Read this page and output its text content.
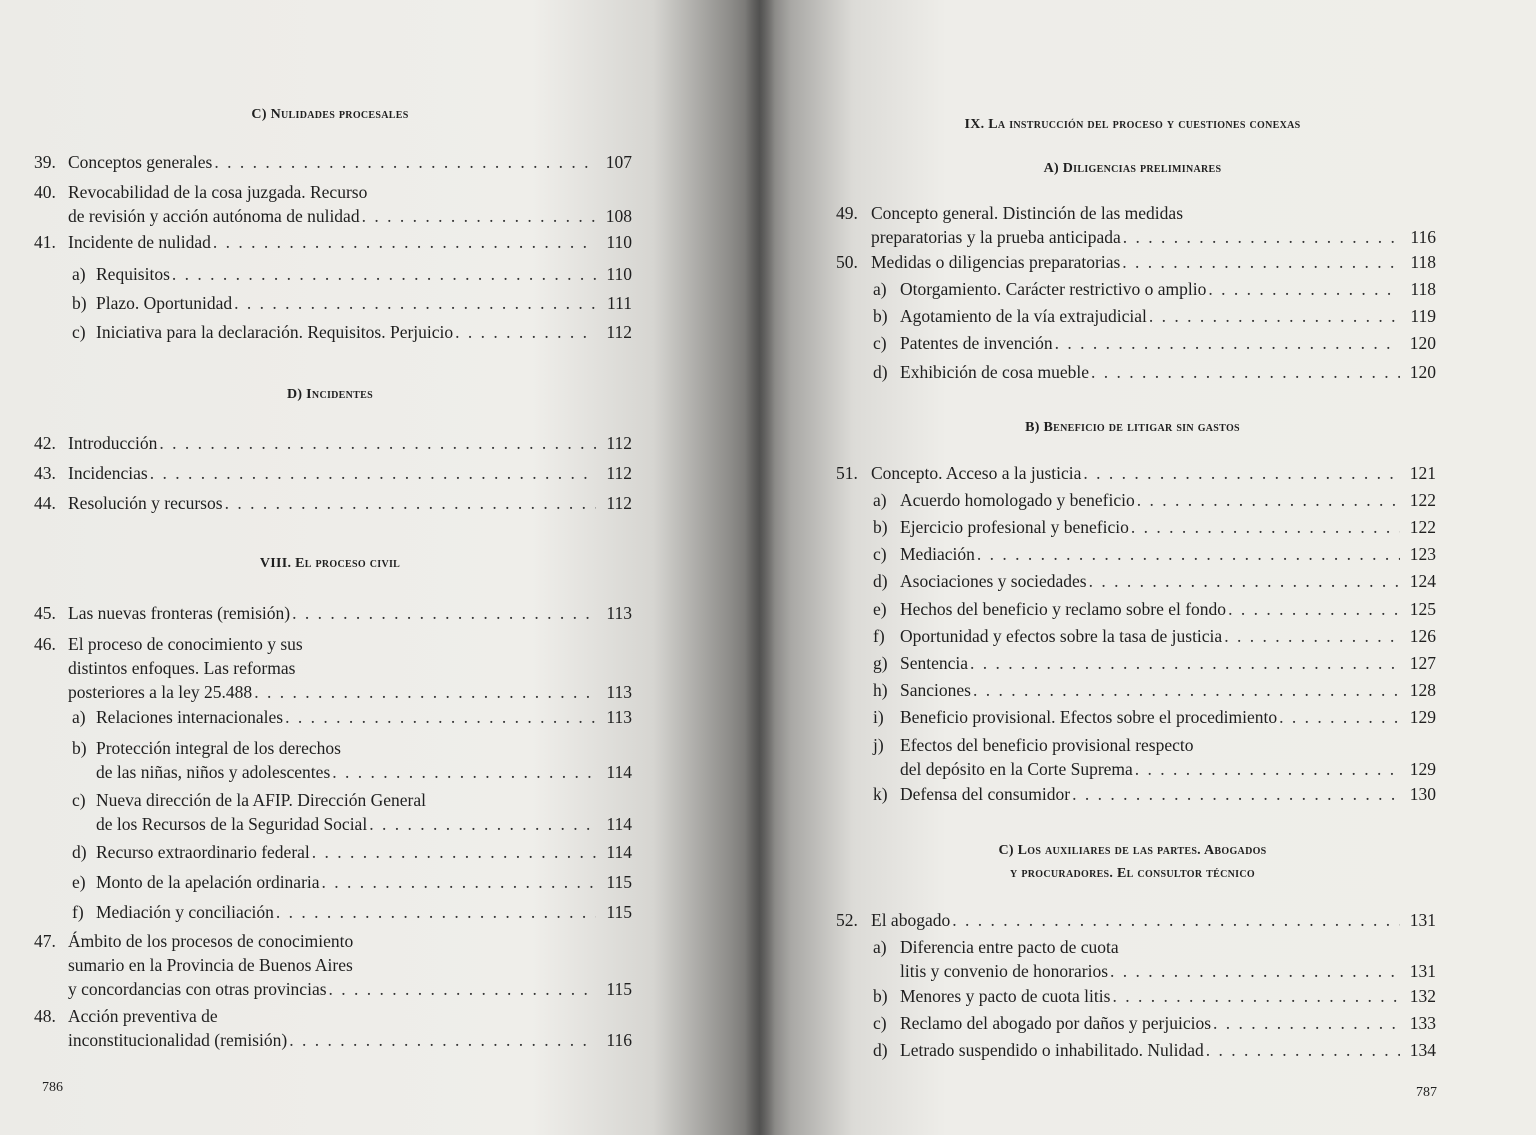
C) Nulidades procesales
39. Conceptos generales . . .	107
40. Revocabilidad de la cosa juzgada. Recurso
de revisión y acción autónoma de nulidad . . .	108
41. Incidente de nulidad . . .	110
a) Requisitos . . .	110
b) Plazo. Oportunidad . . .	111
c) Iniciativa para la declaración. Requisitos. Perjuicio . . .	112
D) Incidentes
42. Introducción . . .	112
43. Incidencias . . .	112
44. Resolución y recursos . . .	112
VIII. El proceso civil
45. Las nuevas fronteras (remisión) . . .	113
46. El proceso de conocimiento y sus
distintos enfoques. Las reformas
posteriores a la ley 25.488 . . .	113
a) Relaciones internacionales . . .	113
b) Protección integral de los derechos
de las niñas, niños y adolescentes . . .	114
c) Nueva dirección de la AFIP. Dirección General
de los Recursos de la Seguridad Social . . .	114
d) Recurso extraordinario federal . . .	114
e) Monto de la apelación ordinaria . . .	115
f) Mediación y conciliación . . .	115
47. Ámbito de los procesos de conocimiento
sumario en la Provincia de Buenos Aires
y concordancias con otras provincias . . .	115
48. Acción preventiva de
inconstitucionalidad (remisión) . . .	116
IX. La instrucción del proceso y cuestiones conexas
A) Diligencias preliminares
49. Concepto general. Distinción de las medidas
preparatorias y la prueba anticipada . . .	116
50. Medidas o diligencias preparatorias . . .	118
a) Otorgamiento. Carácter restrictivo o amplio . . .	118
b) Agotamiento de la vía extrajudicial . . .	119
c) Patentes de invención . . .	120
d) Exhibición de cosa mueble . . .	120
B) Beneficio de litigar sin gastos
51. Concepto. Acceso a la justicia . . .	121
a) Acuerdo homologado y beneficio . . .	122
b) Ejercicio profesional y beneficio . . .	122
c) Mediación . . .	123
d) Asociaciones y sociedades . . .	124
e) Hechos del beneficio y reclamo sobre el fondo . . .	125
f) Oportunidad y efectos sobre la tasa de justicia . . .	126
g) Sentencia . . .	127
h) Sanciones . . .	128
i) Beneficio provisional. Efectos sobre el procedimiento . . .	129
j) Efectos del beneficio provisional respecto
del depósito en la Corte Suprema . . .	129
k) Defensa del consumidor . . .	130
C) Los auxiliares de las partes. Abogados
y procuradores. El consultor técnico
52. El abogado . . .	131
a) Diferencia entre pacto de cuota
litis y convenio de honorarios . . .	131
b) Menores y pacto de cuota litis . . .	132
c) Reclamo del abogado por daños y perjuicios . . .	133
d) Letrado suspendido o inhabilitado. Nulidad . . .	134
786	787
